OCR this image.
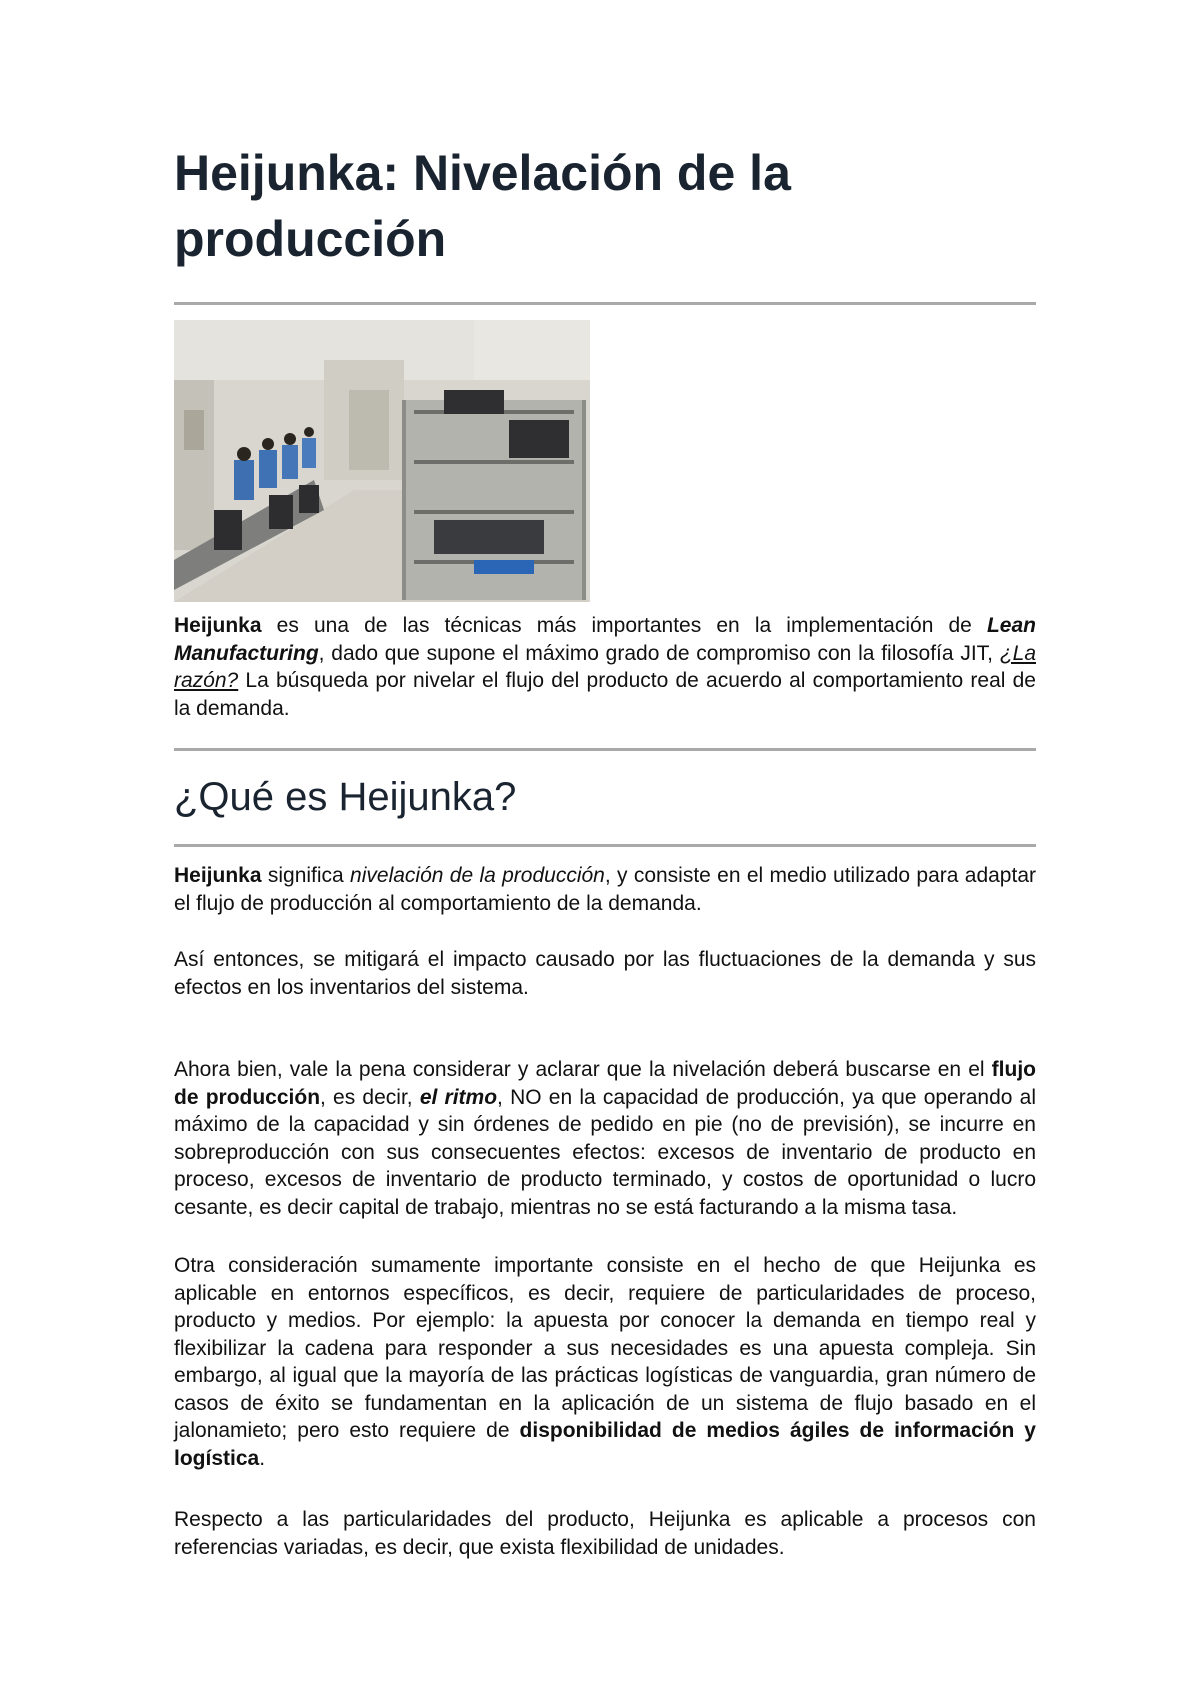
Heijunka: Nivelación de la producción

Heijunka es una de las técnicas más importantes en la implementación de Lean Manufacturing, dado que supone el máximo grado de compromiso con la filosofía JIT, ¿La razón? La búsqueda por nivelar el flujo del producto de acuerdo al comportamiento real de la demanda.

¿Qué es Heijunka?

Heijunka significa nivelación de la producción, y consiste en el medio utilizado para adaptar el flujo de producción al comportamiento de la demanda.

Así entonces, se mitigará el impacto causado por las fluctuaciones de la demanda y sus efectos en los inventarios del sistema.

Ahora bien, vale la pena considerar y aclarar que la nivelación deberá buscarse en el flujo de producción, es decir, el ritmo, NO en la capacidad de producción, ya que operando al máximo de la capacidad y sin órdenes de pedido en pie (no de previsión), se incurre en sobreproducción con sus consecuentes efectos: excesos de inventario de producto en proceso, excesos de inventario de producto terminado, y costos de oportunidad o lucro cesante, es decir capital de trabajo, mientras no se está facturando a la misma tasa.

Otra consideración sumamente importante consiste en el hecho de que Heijunka es aplicable en entornos específicos, es decir, requiere de particularidades de proceso, producto y medios. Por ejemplo: la apuesta por conocer la demanda en tiempo real y flexibilizar la cadena para responder a sus necesidades es una apuesta compleja. Sin embargo, al igual que la mayoría de las prácticas logísticas de vanguardia, gran número de casos de éxito se fundamentan en la aplicación de un sistema de flujo basado en el jalonamieto; pero esto requiere de disponibilidad de medios ágiles de información y logística.

Respecto a las particularidades del producto, Heijunka es aplicable a procesos con referencias variadas, es decir, que exista flexibilidad de unidades.
